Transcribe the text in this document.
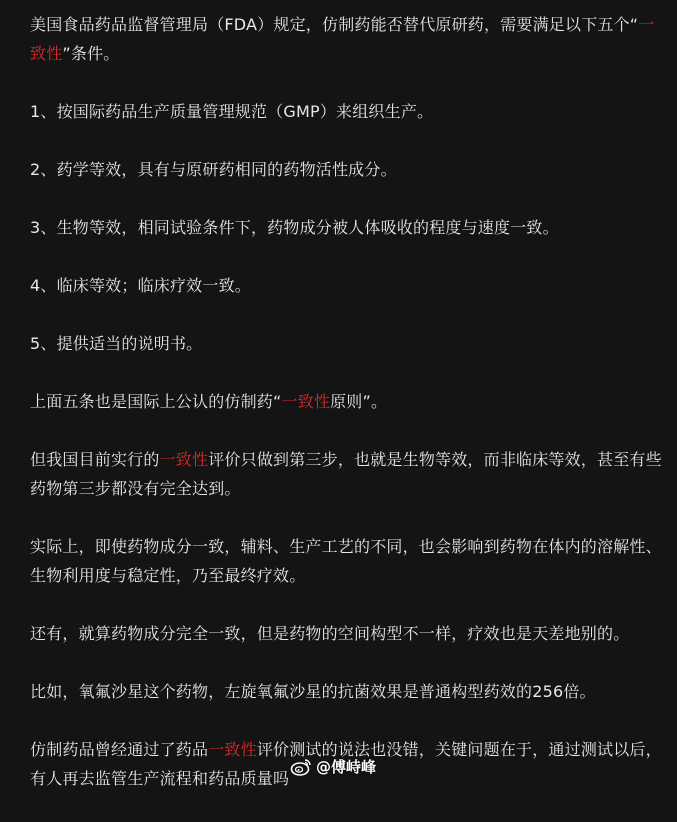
美国食品药品监督管理局（FDA）规定，仿制药能否替代原研药，需要满足以下五个“一致性”条件。

1、按国际药品生产质量管理规范（GMP）来组织生产。

2、药学等效，具有与原研药相同的药物活性成分。

3、生物等效，相同试验条件下，药物成分被人体吸收的程度与速度一致。

4、临床等效；临床疗效一致。

5、提供适当的说明书。

上面五条也是国际上公认的仿制药“一致性原则”。

但我国目前实行的一致性评价只做到第三步，也就是生物等效，而非临床等效，甚至有些药物第三步都没有完全达到。

实际上，即使药物成分一致，辅料、生产工艺的不同，也会影响到药物在体内的溶解性、生物利用度与稳定性，乃至最终疗效。

还有，就算药物成分完全一致，但是药物的空间构型不一样，疗效也是天差地别的。

比如，氧氟沙星这个药物，左旋氧氟沙星的抗菌效果是普通构型药效的256倍。

仿制药品曾经通过了药品一致性评价测试的说法也没错，关键问题在于，通过测试以后，有人再去监管生产流程和药品质量吗

@傅峙峰
